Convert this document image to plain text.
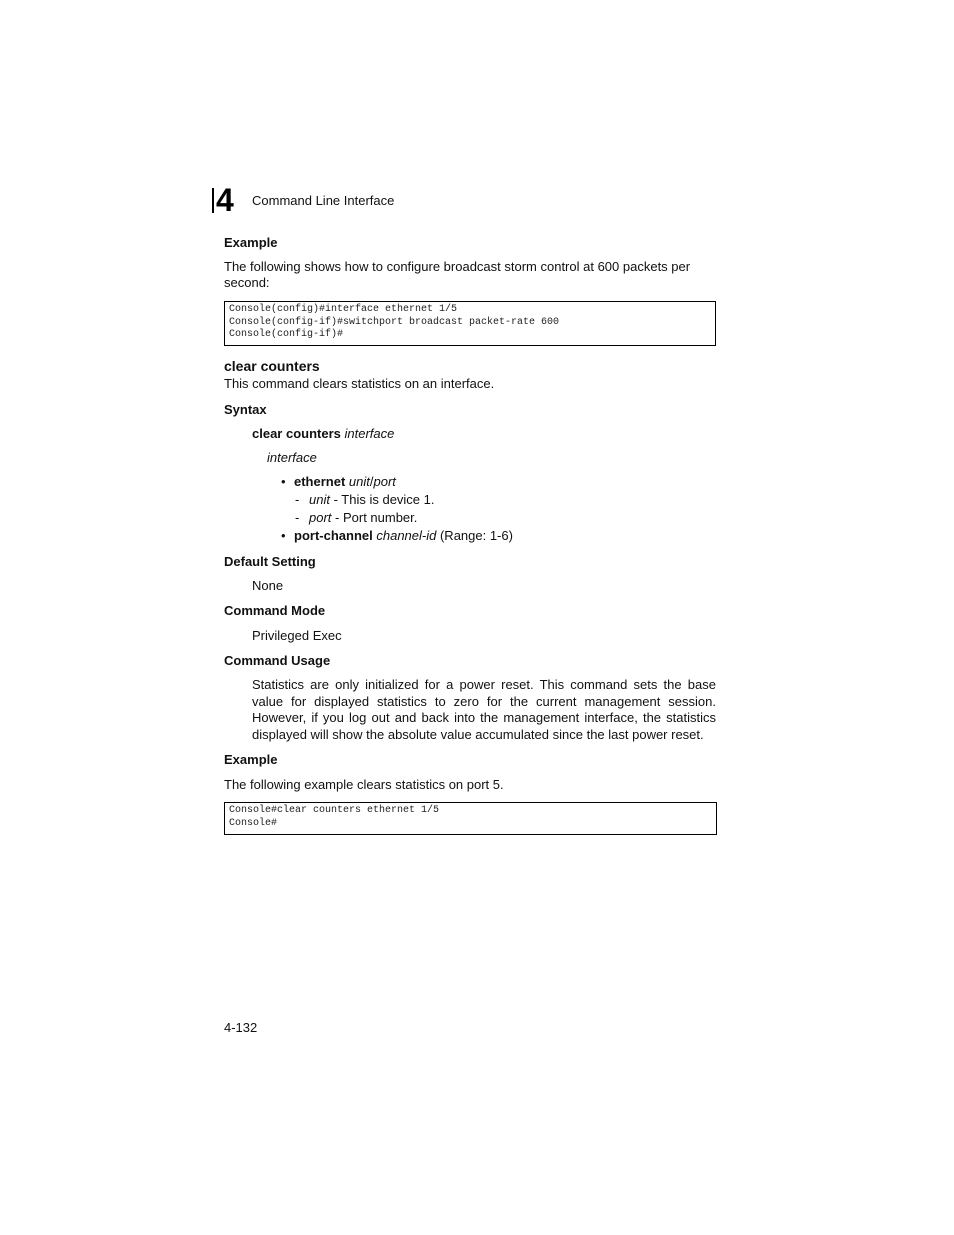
4	Command Line Interface
Example
The following shows how to configure broadcast storm control at 600 packets per
second:
Console(config)#interface ethernet 1/5
Console(config-if)#switchport broadcast packet-rate 600
Console(config-if)#
clear counters
This command clears statistics on an interface.
Syntax
clear counters interface
interface
• ethernet unit/port
- unit - This is device 1.
- port - Port number.
• port-channel channel-id (Range: 1-6)
Default Setting
None
Command Mode
Privileged Exec
Command Usage
Statistics are only initialized for a power reset. This command sets the base value for displayed statistics to zero for the current management session. However, if you log out and back into the management interface, the statistics displayed will show the absolute value accumulated since the last power reset.
Example
The following example clears statistics on port 5.
Console#clear counters ethernet 1/5
Console#
4-132
